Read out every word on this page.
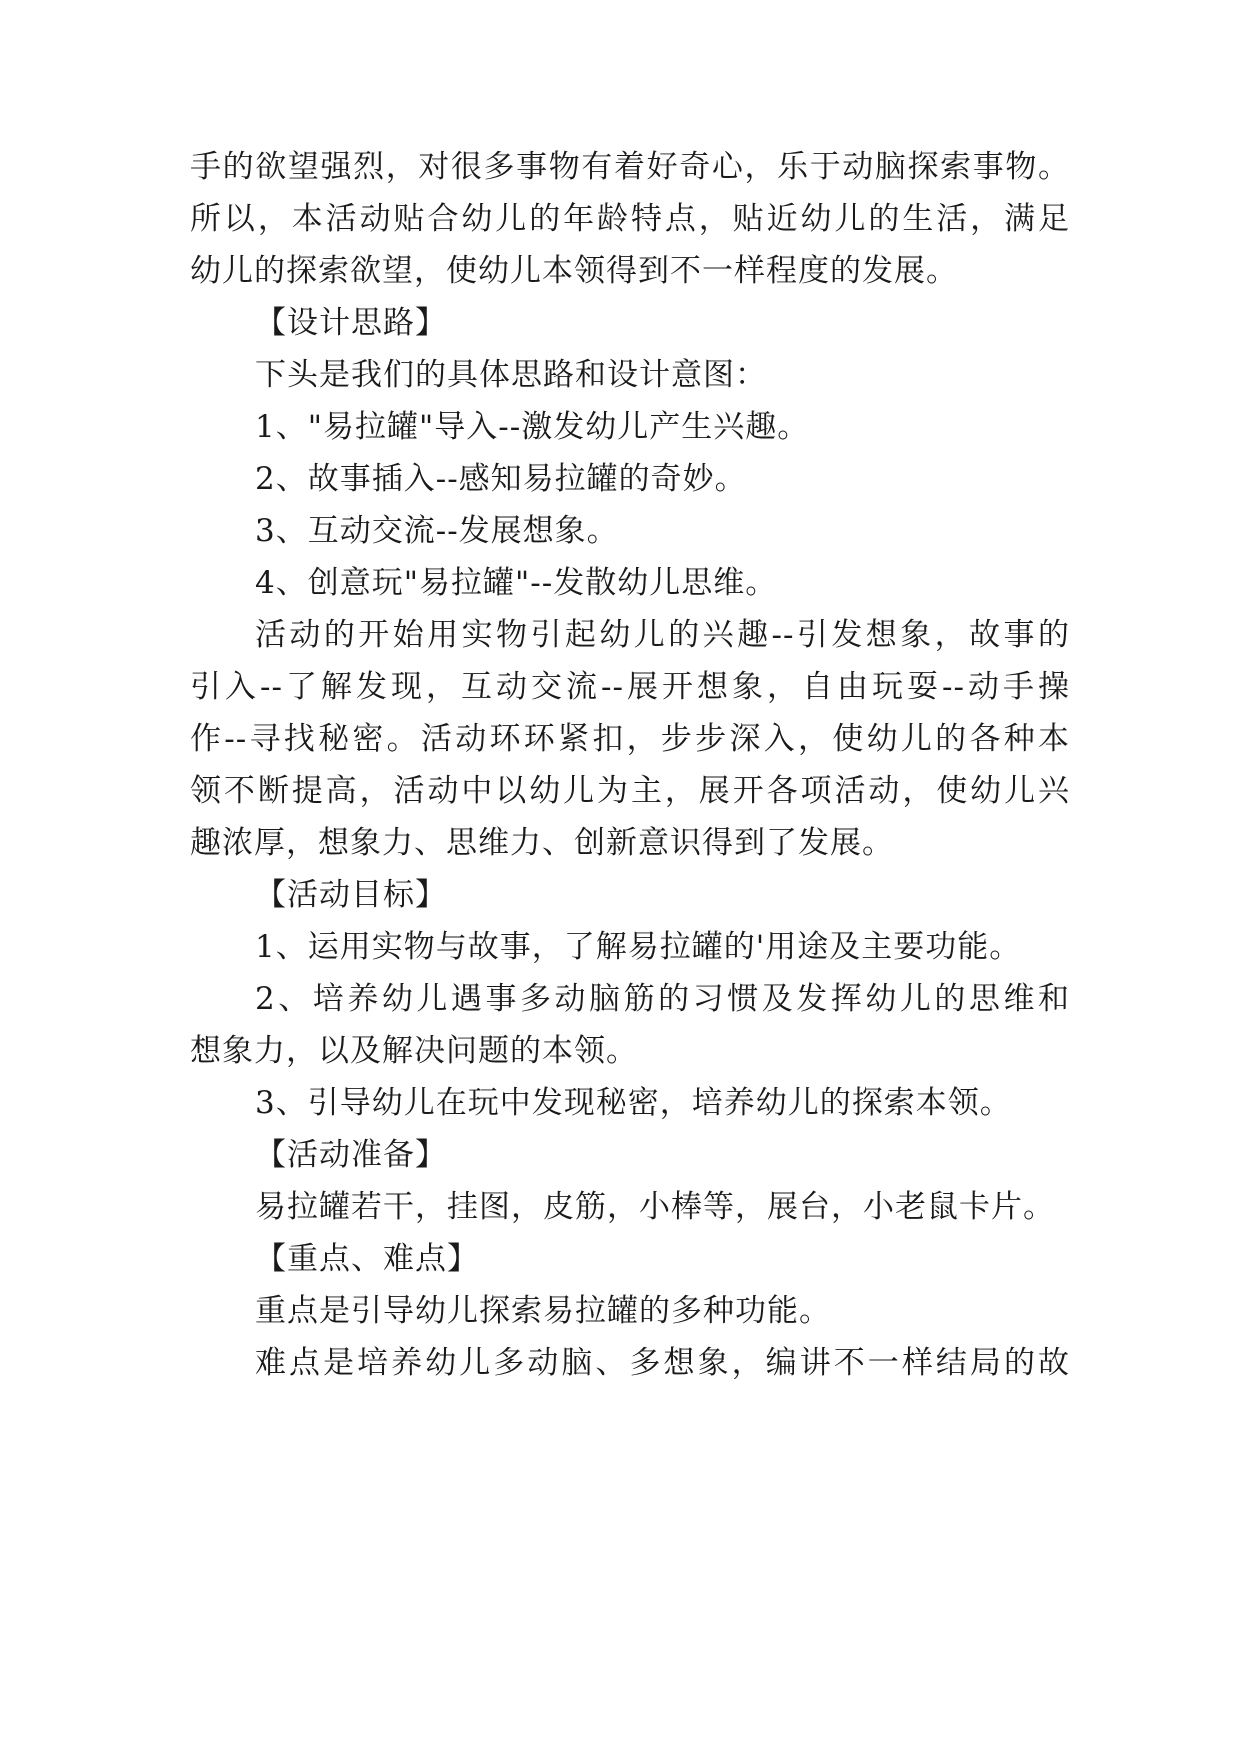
手的欲望强烈，对很多事物有着好奇心，乐于动脑探索事物。
所以，本活动贴合幼儿的年龄特点，贴近幼儿的生活，满足
幼儿的探索欲望，使幼儿本领得到不一样程度的发展。
【设计思路】
下头是我们的具体思路和设计意图：
1、"易拉罐"导入--激发幼儿产生兴趣。
2、故事插入--感知易拉罐的奇妙。
3、互动交流--发展想象。
4、创意玩"易拉罐"--发散幼儿思维。
活动的开始用实物引起幼儿的兴趣--引发想象，故事的
引入--了解发现，互动交流--展开想象，自由玩耍--动手操
作--寻找秘密。活动环环紧扣，步步深入，使幼儿的各种本
领不断提高，活动中以幼儿为主，展开各项活动，使幼儿兴
趣浓厚，想象力、思维力、创新意识得到了发展。
【活动目标】
1、运用实物与故事，了解易拉罐的'用途及主要功能。
2、培养幼儿遇事多动脑筋的习惯及发挥幼儿的思维和
想象力，以及解决问题的本领。
3、引导幼儿在玩中发现秘密，培养幼儿的探索本领。
【活动准备】
易拉罐若干，挂图，皮筋，小棒等，展台，小老鼠卡片。
【重点、难点】
重点是引导幼儿探索易拉罐的多种功能。
难点是培养幼儿多动脑、多想象，编讲不一样结局的故
